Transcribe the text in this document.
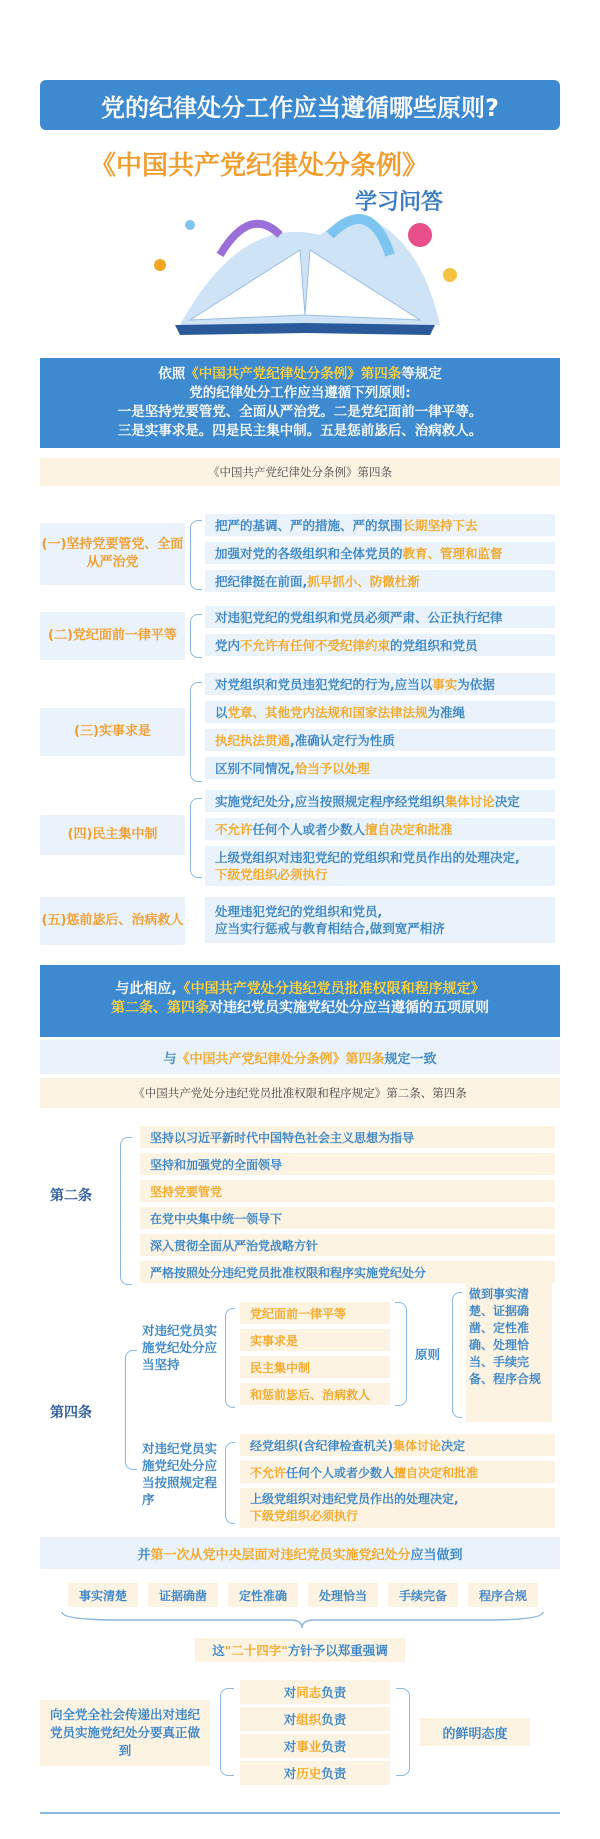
党的纪律处分工作应当遵循哪些原则?
《中国共产党纪律处分条例》
学习问答
依照《中国共产党纪律处分条例》第四条等规定
党的纪律处分工作应当遵循下列原则:
一是坚持党要管党、全面从严治党。二是党纪面前一律平等。
三是实事求是。四是民主集中制。五是惩前毖后、治病救人。
《中国共产党纪律处分条例》第四条
(一)坚持党要管党、全面从严治党
把严的基调、严的措施、严的氛围 长期坚持下去
加强对党的各级组织和全体党员的 教育、管理和监督
把纪律挺在前面, 抓早抓小、防微杜渐
(二)党纪面前一律平等
对违犯党纪的党组织和党员必须严肃、公正执行纪律
党内 不允许有任何不受纪律约束 的党组织和党员
(三)实事求是
对党组织和党员违犯党纪的行为,应当以 事实 为依据
以 党章、其他党内法规和国家法律法规 为准绳
执纪执法贯通 ,准确认定行为性质
区别不同情况, 恰当予以处理
(四)民主集中制
实施党纪处分,应当按照规定程序经党组织 集体讨论 决定
不允许 任何个人或者少数人 擅自决定和批准
上级党组织对违犯党纪的党组织和党员作出的处理决定,
下级党组织必须执行
(五)惩前毖后、治病救人
处理违犯党纪的党组织和党员,
应当实行惩戒与教育相结合,做到宽严相济
与此相应,《中国共产党处分违纪党员批准权限和程序规定》
第二条、第四条对违纪党员实施党纪处分应当遵循的五项原则
与 《中国共产党纪律处分条例》第四条 规定一致
《中国共产党处分违纪党员批准权限和程序规定》第二条、第四条
第二条
坚持以习近平新时代中国特色社会主义思想为指导
坚持和加强党的全面领导
坚持党要管党
在党中央集中统一领导下
深入贯彻全面从严治党战略方针
严格按照处分违纪党员批准权限和程序实施党纪处分
第四条
对违纪党员实施党纪处分应当坚持
党纪面前一律平等
实事求是
民主集中制
和惩前毖后、治病救人
原则
做到事实清楚、证据确凿、定性准确、处理恰当、手续完备、程序合规
对违纪党员实施党纪处分应当按照规定程序
经党组织(含纪律检查机关) 集体讨论 决定
不允许 任何个人或者少数人 擅自决定和批准
上级党组织对违纪党员作出的处理决定,
下级党组织必须执行
并 第一次从党中央层面对违纪党员实施党纪处分 应当做到
事实清楚	证据确凿	定性准确	处理恰当	手续完备	程序合规
这 "二十四字" 方针予以郑重强调
向全党全社会传递出对违纪党员实施党纪处分要真正做到
对 同志 负责
对 组织 负责
对 事业 负责
对 历史 负责
的鲜明态度
